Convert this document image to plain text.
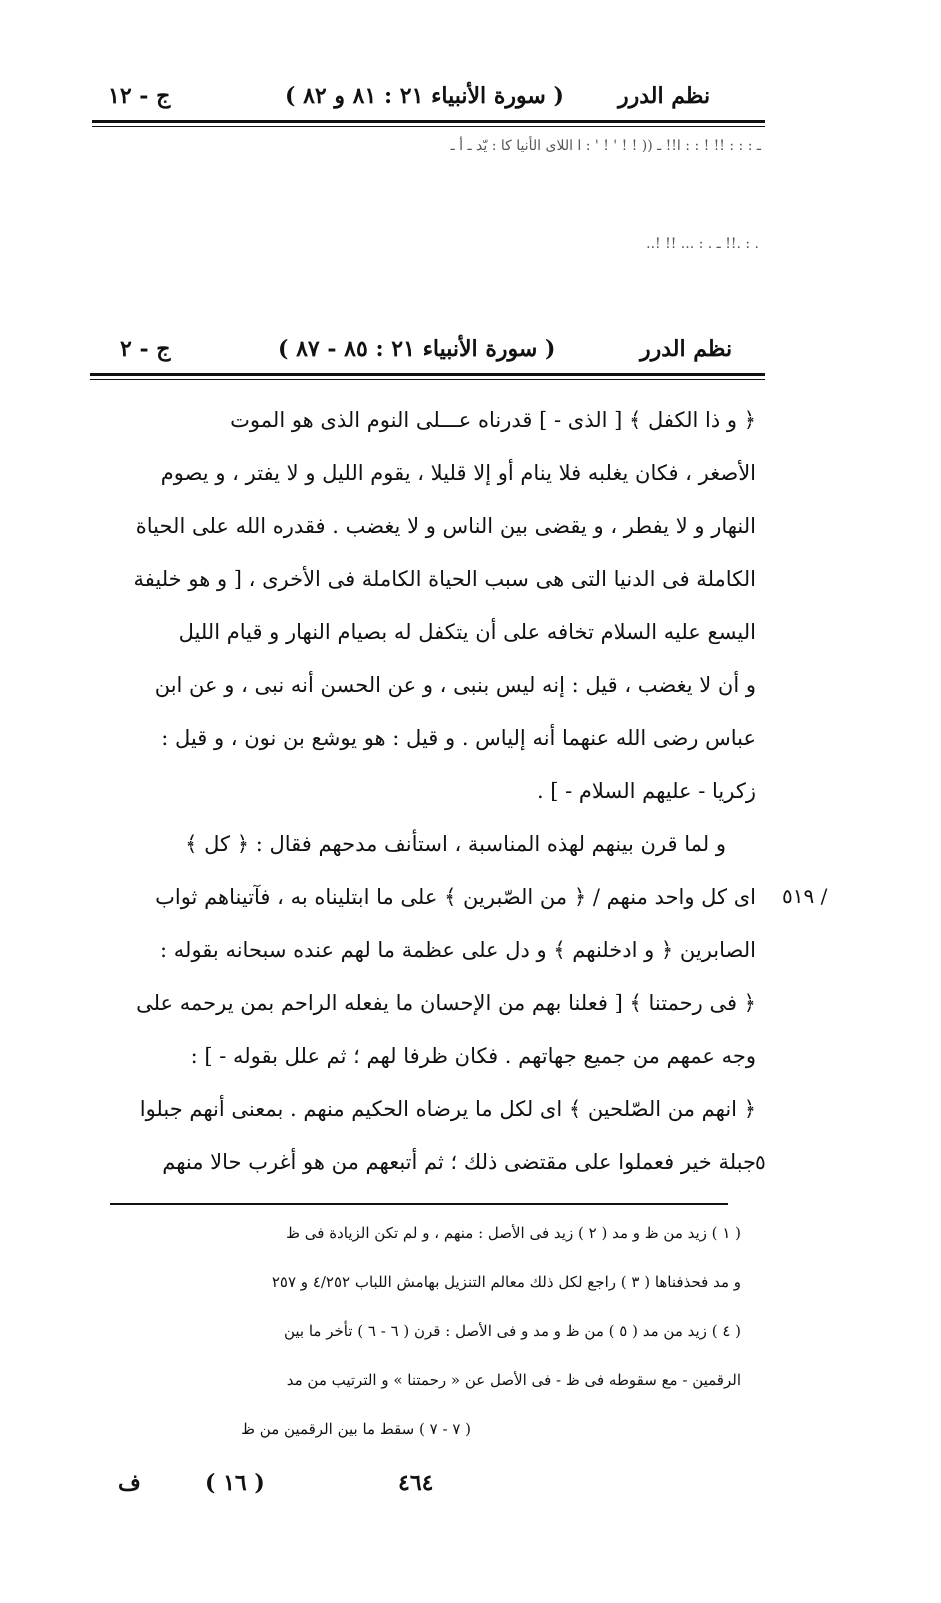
نظم الدرر
( سورة الأنبياء ٢١ : ٨١ و ٨٢ )
ج - ١٢
ـ : : : !! ! : : ا!! ـ (( ! ! ' ! ' : ا اللاى الأنيا كا : يّد ـ أ ـ
. : .!! ـ . : ... !! !..
نظم الدرر
( سورة الأنبياء ٢١ : ٨٥ - ٨٧ )
ج - ٢
﴿ و ذا الكفل ﴾ [ الذى - ] قدرناه عـــلى النوم الذى هو الموت
الأصغر ، فكان يغلبه فلا ينام أو إلا قليلا ، يقوم الليل و لا يفتر ، و يصوم
النهار و لا يفطر ، و يقضى بين الناس و لا يغضب . فقدره الله على الحياة
الكاملة فى الدنيا التى هى سبب الحياة الكاملة فى الأخرى ، [ و هو خليفة
اليسع عليه السلام تخافه على أن يتكفل له بصيام النهار و قيام الليل
و أن لا يغضب ، قيل : إنه ليس بنبى ، و عن الحسن أنه نبى ، و عن ابن
عباس رضى الله عنهما أنه إلياس . و قيل : هو يوشع بن نون ، و قيل :
زكريا - عليهم السلام - ] .
و لما قرن بينهم لهذه المناسبة ، استأنف مدحهم فقال : ﴿ كل ﴾
اى كل واحد منهم / ﴿ من الصّبرين ﴾ على ما ابتليناه به ، فآتيناهم ثواب
الصابرين ﴿ و ادخلنهم ﴾ و دل على عظمة ما لهم عنده سبحانه بقوله :
﴿ فى رحمتنا ﴾ [ فعلنا بهم من الإحسان ما يفعله الراحم بمن يرحمه على
وجه عمهم من جميع جهاتهم . فكان ظرفا لهم ؛ ثم علل بقوله - ] :
﴿ انهم من الصّلحين ﴾ اى لكل ما يرضاه الحكيم منهم . بمعنى أنهم جبلوا
جبلة خير فعملوا على مقتضى ذلك ؛ ثم أتبعهم من هو أغرب حالا منهم
٥١٩ /
٥
( ١ ) زيد من ظ و مد ( ٢ ) زيد فى الأصل : منهم ، و لم تكن الزيادة فى ظ
و مد فحذفناها ( ٣ ) راجع لكل ذلك معالم التنزيل بهامش اللباب ٤/٢٥٢ و ٢٥٧
( ٤ ) زيد من مد ( ٥ ) من ظ و مد و فى الأصل : قرن ( ٦ - ٦ ) تأخر ما بين
الرقمين - مع سقوطه فى ظ - فى الأصل عن « رحمتنا » و الترتيب من مد
( ٧ - ٧ ) سقط ما بين الرقمين من ظ
ف	( ١٦ )	٤٦٤
